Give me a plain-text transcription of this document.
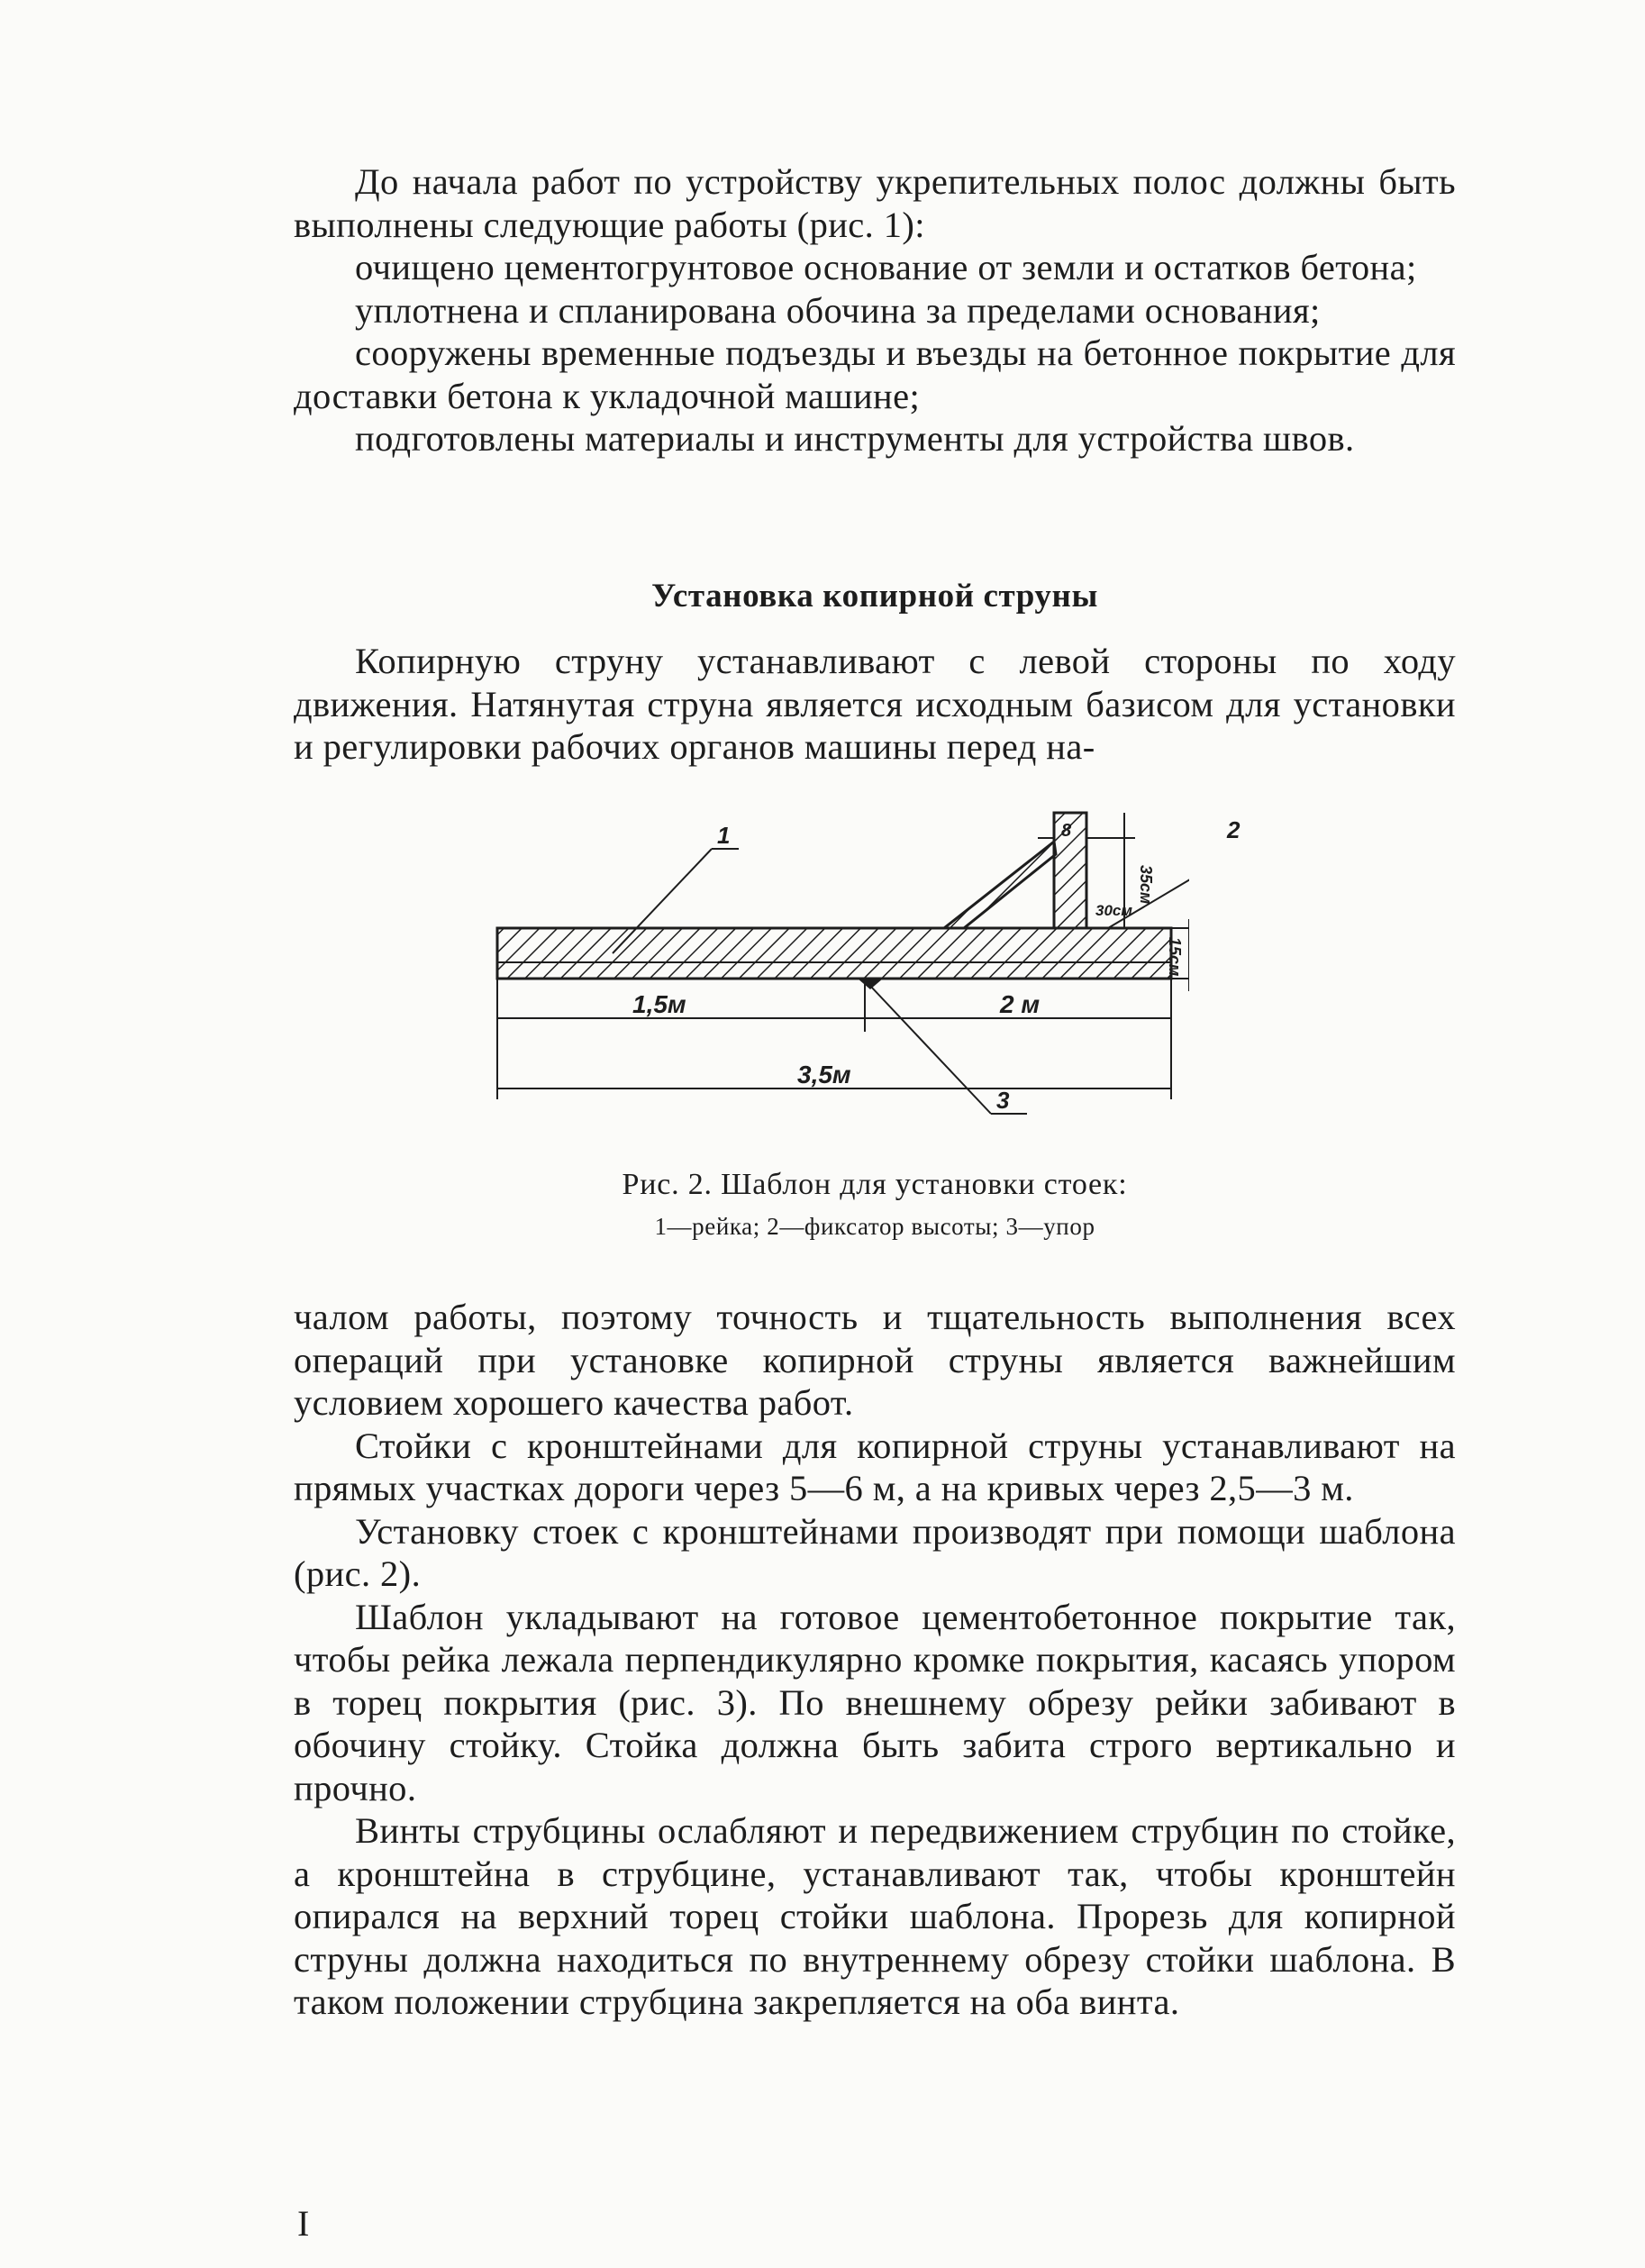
До начала работ по устройству укрепительных полос должны быть выполнены следующие работы (рис. 1):

очищено цементогрунтовое основание от земли и остатков бетона;

уплотнена и спланирована обочина за пределами основания;

сооружены временные подъезды и въезды на бетонное покрытие для доставки бетона к укладочной машине;

подготовлены материалы и инструменты для устройства швов.

Установка копирной струны

Копирную струну устанавливают с левой стороны по ходу движения. Натянутая струна является исходным базисом для установки и регулировки рабочих органов машины перед на-

1
3
1,5м	2 м
3,5м
30см
35см
15см
8	2
Рис. 2. Шаблон для установки стоек:
1—рейка; 2—фиксатор высоты; 3—упор

чалом работы, поэтому точность и тщательность выполнения всех операций при установке копирной струны является важнейшим условием хорошего качества работ.

Стойки с кронштейнами для копирной струны устанавливают на прямых участках дороги через 5—6 м, а на кривых через 2,5—3 м.

Установку стоек с кронштейнами производят при помощи шаблона (рис. 2).

Шаблон укладывают на готовое цементобетонное покрытие так, чтобы рейка лежала перпендикулярно кромке покрытия, касаясь упором в торец покрытия (рис. 3). По внешнему обрезу рейки забивают в обочину стойку. Стойка должна быть забита строго вертикально и прочно.

Винты струбцины ослабляют и передвижением струбцин по стойке, а кронштейна в струбцине, устанавливают так, чтобы кронштейн опирался на верхний торец стойки шаблона. Прорезь для копирной струны должна находиться по внутреннему обрезу стойки шаблона. В таком положении струбцина закрепляется на оба винта.

I
